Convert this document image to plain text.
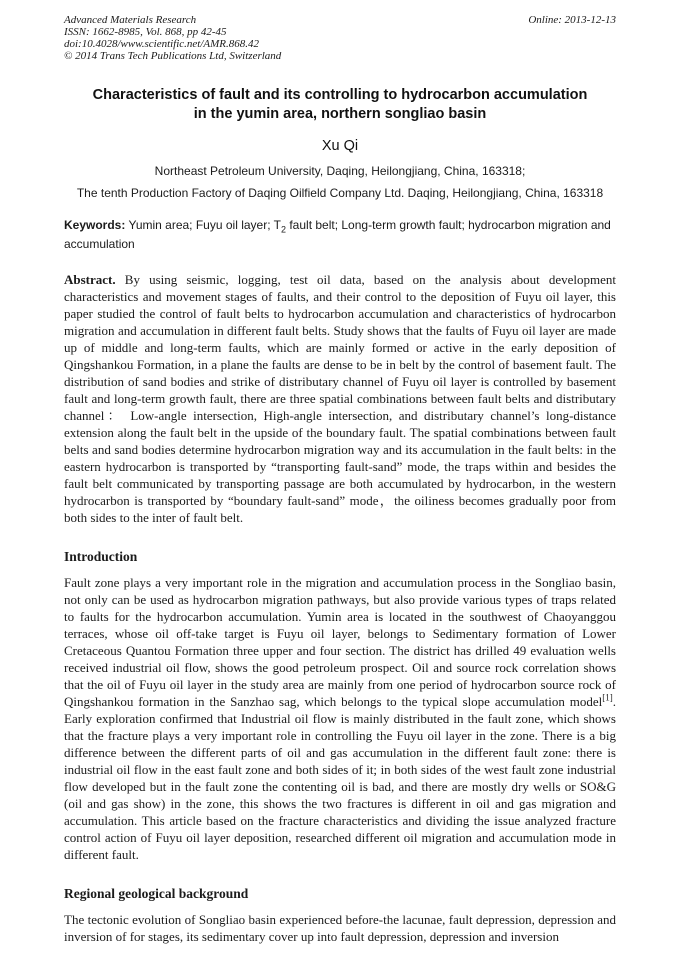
Advanced Materials Research
ISSN: 1662-8985, Vol. 868, pp 42-45
doi:10.4028/www.scientific.net/AMR.868.42
© 2014 Trans Tech Publications Ltd, Switzerland
Online: 2013-12-13
Characteristics of fault and its controlling to hydrocarbon accumulation
in the yumin area, northern songliao basin
Xu Qi
Northeast Petroleum University, Daqing, Heilongjiang, China, 163318;
The tenth Production Factory of Daqing Oilfield Company Ltd. Daqing, Heilongjiang, China, 163318
Keywords: Yumin area; Fuyu oil layer; $T_2$ fault belt; Long-term growth fault; hydrocarbon migration and accumulation
Abstract. By using seismic, logging, test oil data, based on the analysis about development characteristics and movement stages of faults, and their control to the deposition of Fuyu oil layer, this paper studied the control of fault belts to hydrocarbon accumulation and characteristics of hydrocarbon migration and accumulation in different fault belts. Study shows that the faults of Fuyu oil layer are made up of middle and long-term faults, which are mainly formed or active in the early deposition of Qingshankou Formation, in a plane the faults are dense to be in belt by the control of basement fault. The distribution of sand bodies and strike of distributary channel of Fuyu oil layer is controlled by basement fault and long-term growth fault, there are three spatial combinations between fault belts and distributary channel： Low-angle intersection, High-angle intersection, and distributary channel’s long-distance extension along the fault belt in the upside of the boundary fault. The spatial combinations between fault belts and sand bodies determine hydrocarbon migration way and its accumulation in the fault belts: in the eastern hydrocarbon is transported by “transporting fault-sand” mode, the traps within and besides the fault belt communicated by transporting passage are both accumulated by hydrocarbon, in the western hydrocarbon is transported by “boundary fault-sand” mode，the oiliness becomes gradually poor from both sides to the inter of fault belt.
Introduction
Fault zone plays a very important role in the migration and accumulation process in the Songliao basin, not only can be used as hydrocarbon migration pathways, but also provide various types of traps related to faults for the hydrocarbon accumulation. Yumin area is located in the southwest of Chaoyanggou terraces, whose oil off-take target is Fuyu oil layer, belongs to Sedimentary formation of Lower Cretaceous Quantou Formation three upper and four section. The district has drilled 49 evaluation wells received industrial oil flow, shows the good petroleum prospect. Oil and source rock correlation shows that the oil of Fuyu oil layer in the study area are mainly from one period of hydrocarbon source rock of Qingshankou formation in the Sanzhao sag, which belongs to the typical slope accumulation model[1]. Early exploration confirmed that Industrial oil flow is mainly distributed in the fault zone, which shows that the fracture plays a very important role in controlling the Fuyu oil layer in the zone. There is a big difference between the different parts of oil and gas accumulation in the different fault zone: there is industrial oil flow in the east fault zone and both sides of it; in both sides of the west fault zone industrial flow developed but in the fault zone the contenting oil is bad, and there are mostly dry wells or SO&G (oil and gas show) in the zone, this shows the two fractures is different in oil and gas migration and accumulation. This article based on the fracture characteristics and dividing the issue analyzed fracture control action of Fuyu oil layer deposition, researched different oil migration and accumulation mode in different fault.
Regional geological background
The tectonic evolution of Songliao basin experienced before-the lacunae, fault depression, depression and inversion of for stages, its sedimentary cover up into fault depression, depression and inversion
